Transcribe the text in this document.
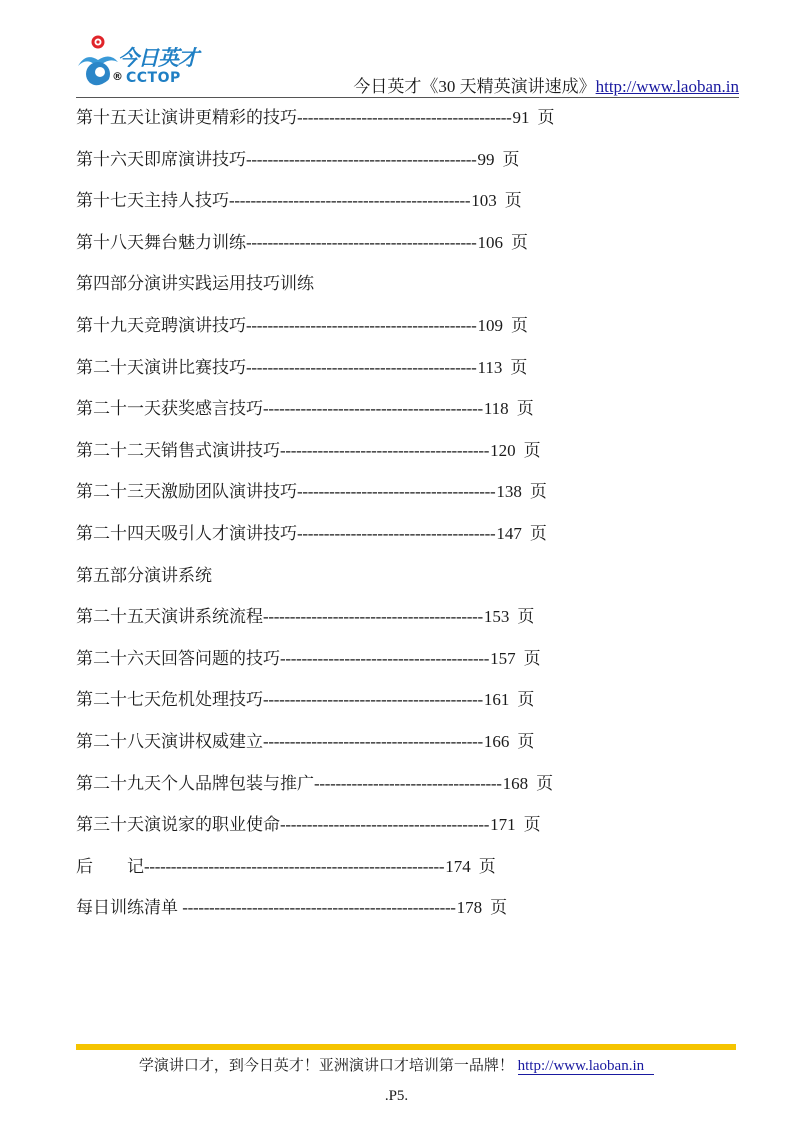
今日英才
® CCTOP	今日英才《30 天精英演讲速成》http://www.laoban.in
第十五天让演讲更精彩的技巧----------------------------------------91 页
第十六天即席演讲技巧-------------------------------------------99 页
第十七天主持人技巧---------------------------------------------103 页
第十八天舞台魅力训练-------------------------------------------106 页
第四部分演讲实践运用技巧训练
第十九天竞聘演讲技巧-------------------------------------------109 页
第二十天演讲比赛技巧-------------------------------------------113 页
第二十一天获奖感言技巧-----------------------------------------118 页
第二十二天销售式演讲技巧---------------------------------------120 页
第二十三天激励团队演讲技巧-------------------------------------138 页
第二十四天吸引人才演讲技巧-------------------------------------147 页
第五部分演讲系统
第二十五天演讲系统流程-----------------------------------------153 页
第二十六天回答问题的技巧---------------------------------------157 页
第二十七天危机处理技巧-----------------------------------------161 页
第二十八天演讲权威建立-----------------------------------------166 页
第二十九天个人品牌包装与推广-----------------------------------168 页
第三十天演说家的职业使命---------------------------------------171 页
后　　记--------------------------------------------------------174 页
每日训练清单 ---------------------------------------------------178 页
学演讲口才，到今日英才！亚洲演讲口才培训第一品牌！ http://www.laoban.in
.P5.
